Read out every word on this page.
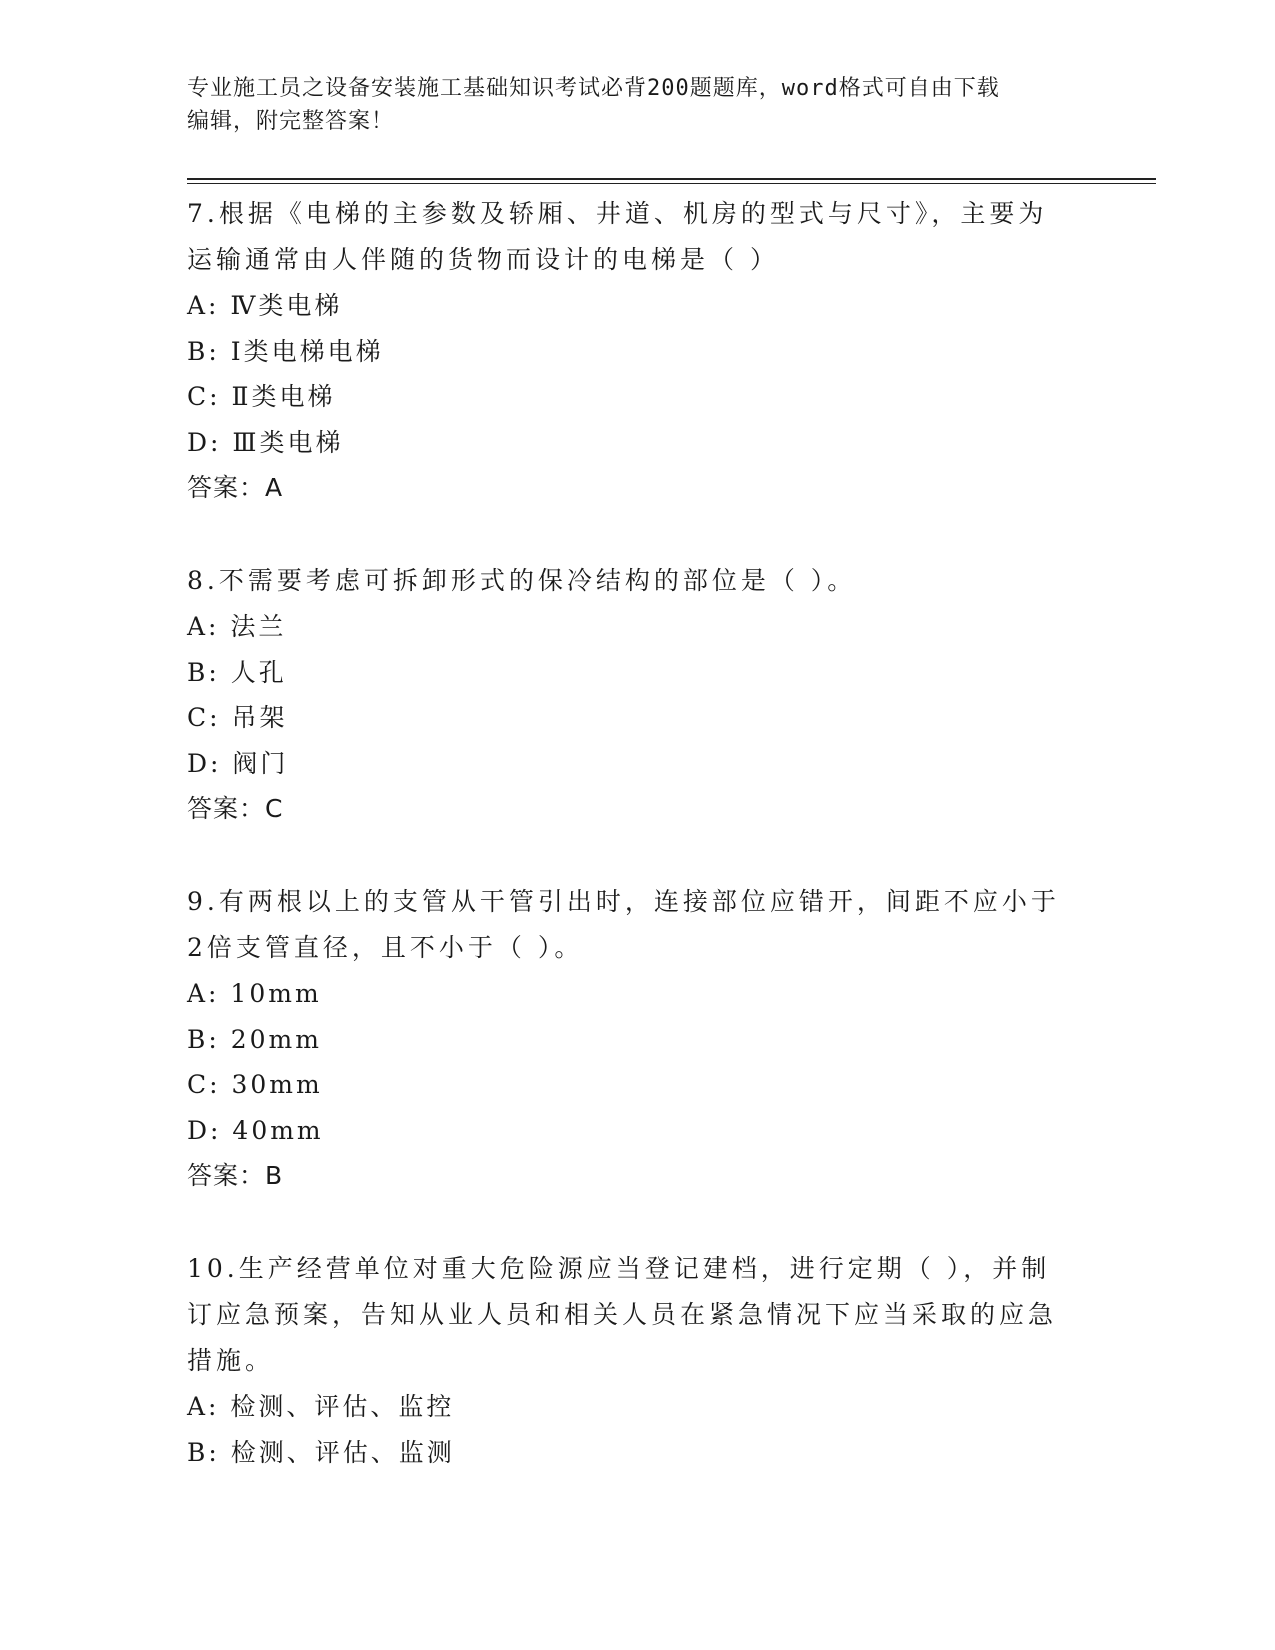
专业施工员之设备安装施工基础知识考试必背200题题库，word格式可自由下载
编辑，附完整答案！
7.根据《电梯的主参数及轿厢、井道、机房的型式与尺寸》，主要为
运输通常由人伴随的货物而设计的电梯是（ ）
A: Ⅳ类电梯
B: Ⅰ类电梯电梯
C: Ⅱ类电梯
D: Ⅲ类电梯
答案：A
8.不需要考虑可拆卸形式的保冷结构的部位是（ ）。
A: 法兰
B: 人孔
C: 吊架
D: 阀门
答案：C
9.有两根以上的支管从干管引出时，连接部位应错开，间距不应小于
2倍支管直径，且不小于（ ）。
A: 10mm
B: 20mm
C: 30mm
D: 40mm
答案：B
10.生产经营单位对重大危险源应当登记建档，进行定期（ ），并制
订应急预案，告知从业人员和相关人员在紧急情况下应当采取的应急
措施。
A: 检测、评估、监控
B: 检测、评估、监测
